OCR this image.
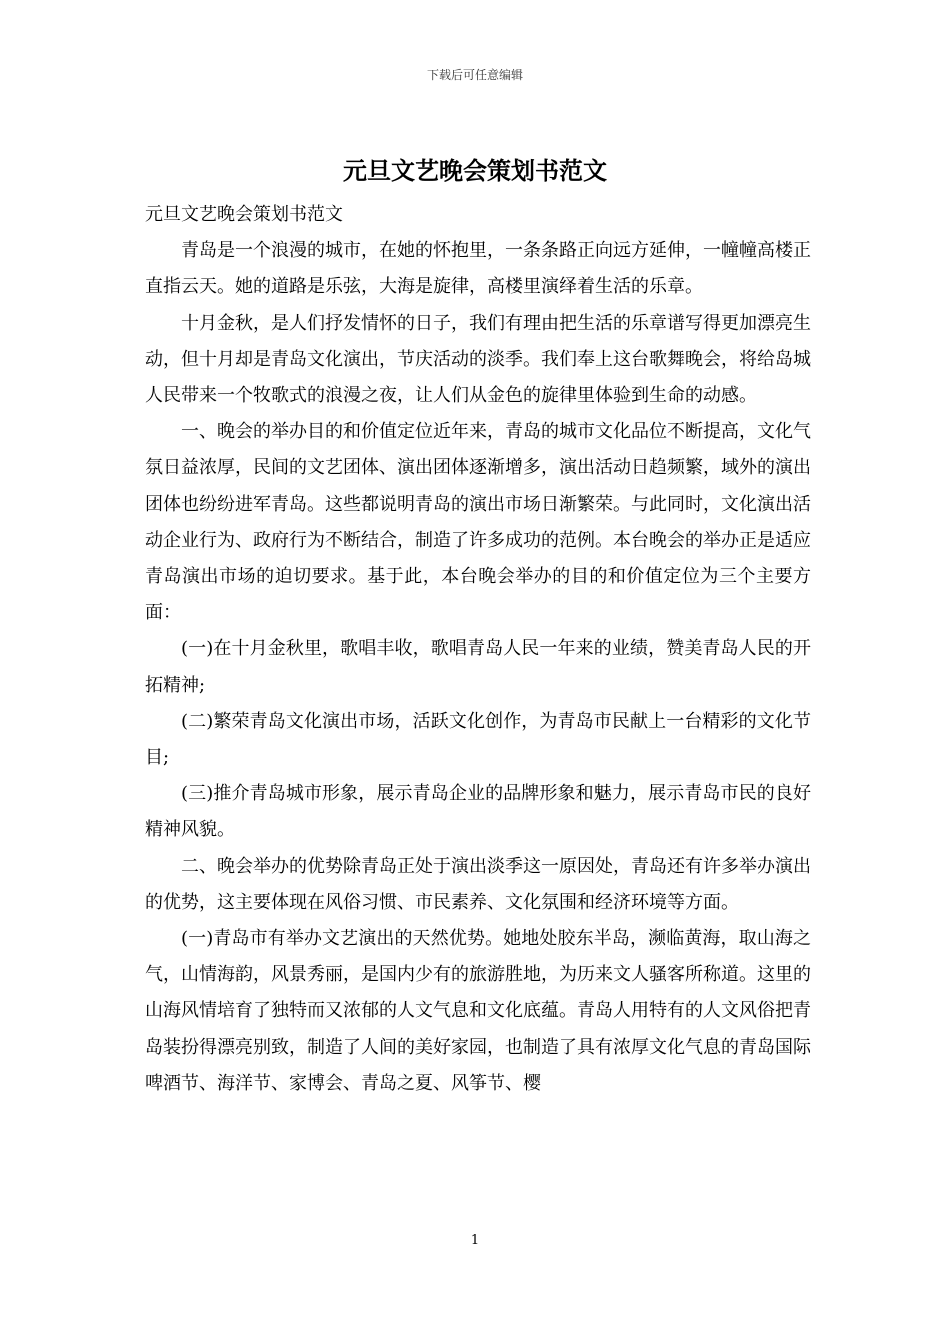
下载后可任意编辑
元旦文艺晚会策划书范文

元旦文艺晚会策划书范文

青岛是一个浪漫的城市，在她的怀抱里，一条条路正向远方延伸，一幢幢高楼正直指云天。她的道路是乐弦，大海是旋律，高楼里演绎着生活的乐章。

十月金秋，是人们抒发情怀的日子，我们有理由把生活的乐章谱写得更加漂亮生动，但十月却是青岛文化演出，节庆活动的淡季。我们奉上这台歌舞晚会，将给岛城人民带来一个牧歌式的浪漫之夜，让人们从金色的旋律里体验到生命的动感。

一、晚会的举办目的和价值定位近年来，青岛的城市文化品位不断提高，文化气氛日益浓厚，民间的文艺团体、演出团体逐渐增多，演出活动日趋频繁，域外的演出团体也纷纷进军青岛。这些都说明青岛的演出市场日渐繁荣。与此同时，文化演出活动企业行为、政府行为不断结合，制造了许多成功的范例。本台晚会的举办正是适应青岛演出市场的迫切要求。基于此，本台晚会举办的目的和价值定位为三个主要方面：

(一)在十月金秋里，歌唱丰收，歌唱青岛人民一年来的业绩，赞美青岛人民的开拓精神;

(二)繁荣青岛文化演出市场，活跃文化创作，为青岛市民献上一台精彩的文化节目;

(三)推介青岛城市形象，展示青岛企业的品牌形象和魅力，展示青岛市民的良好精神风貌。

二、晚会举办的优势除青岛正处于演出淡季这一原因处，青岛还有许多举办演出的优势，这主要体现在风俗习惯、市民素养、文化氛围和经济环境等方面。

(一)青岛市有举办文艺演出的天然优势。她地处胶东半岛，濒临黄海，取山海之气，山情海韵，风景秀丽，是国内少有的旅游胜地，为历来文人骚客所称道。这里的山海风情培育了独特而又浓郁的人文气息和文化底蕴。青岛人用特有的人文风俗把青岛装扮得漂亮别致，制造了人间的美好家园，也制造了具有浓厚文化气息的青岛国际啤酒节、海洋节、家博会、青岛之夏、风筝节、樱

1
